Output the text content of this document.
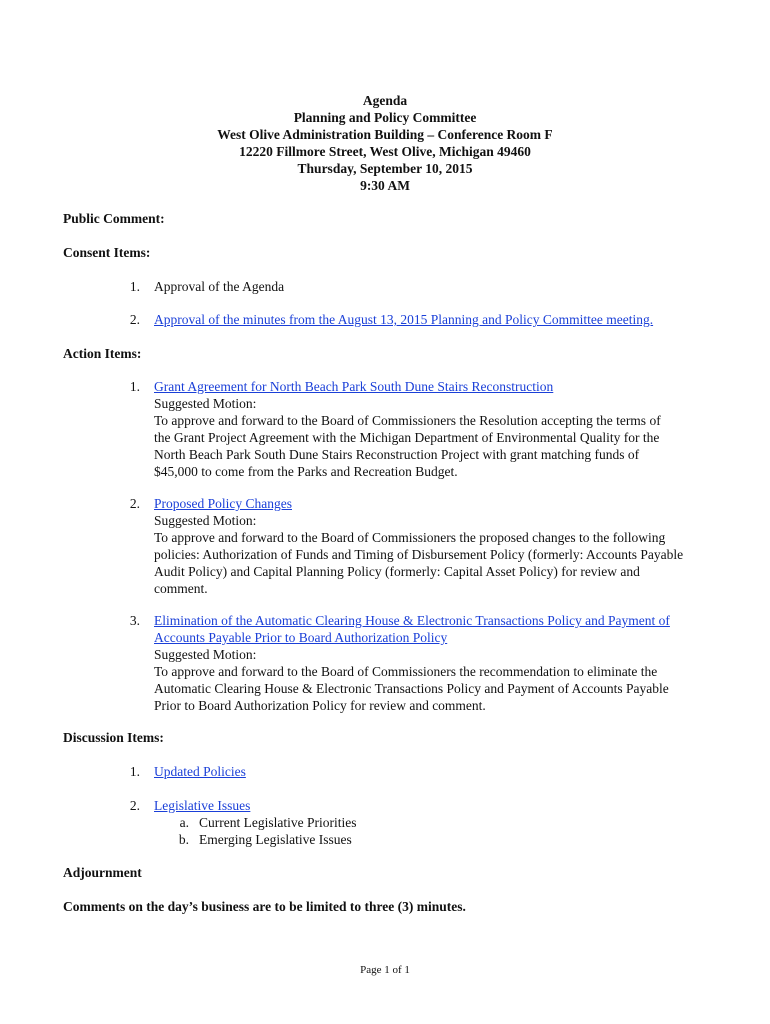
Agenda
Planning and Policy Committee
West Olive Administration Building – Conference Room F
12220 Fillmore Street, West Olive, Michigan 49460
Thursday, September 10, 2015
9:30 AM
Public Comment:
Consent Items:
1. Approval of the Agenda
2. Approval of the minutes from the August 13, 2015 Planning and Policy Committee meeting.
Action Items:
1. Grant Agreement for North Beach Park South Dune Stairs Reconstruction
Suggested Motion:
To approve and forward to the Board of Commissioners the Resolution accepting the terms of
the Grant Project Agreement with the Michigan Department of Environmental Quality for the
North Beach Park South Dune Stairs Reconstruction Project with grant matching funds of
$45,000 to come from the Parks and Recreation Budget.
2. Proposed Policy Changes
Suggested Motion:
To approve and forward to the Board of Commissioners the proposed changes to the following
policies: Authorization of Funds and Timing of Disbursement Policy (formerly: Accounts Payable
Audit Policy) and Capital Planning Policy (formerly: Capital Asset Policy) for review and
comment.
3. Elimination of the Automatic Clearing House & Electronic Transactions Policy and Payment of
Accounts Payable Prior to Board Authorization Policy
Suggested Motion:
To approve and forward to the Board of Commissioners the recommendation to eliminate the
Automatic Clearing House & Electronic Transactions Policy and Payment of Accounts Payable
Prior to Board Authorization Policy for review and comment.
Discussion Items:
1. Updated Policies
2. Legislative Issues
a. Current Legislative Priorities
b. Emerging Legislative Issues
Adjournment
Comments on the day’s business are to be limited to three (3) minutes.
Page 1 of 1
